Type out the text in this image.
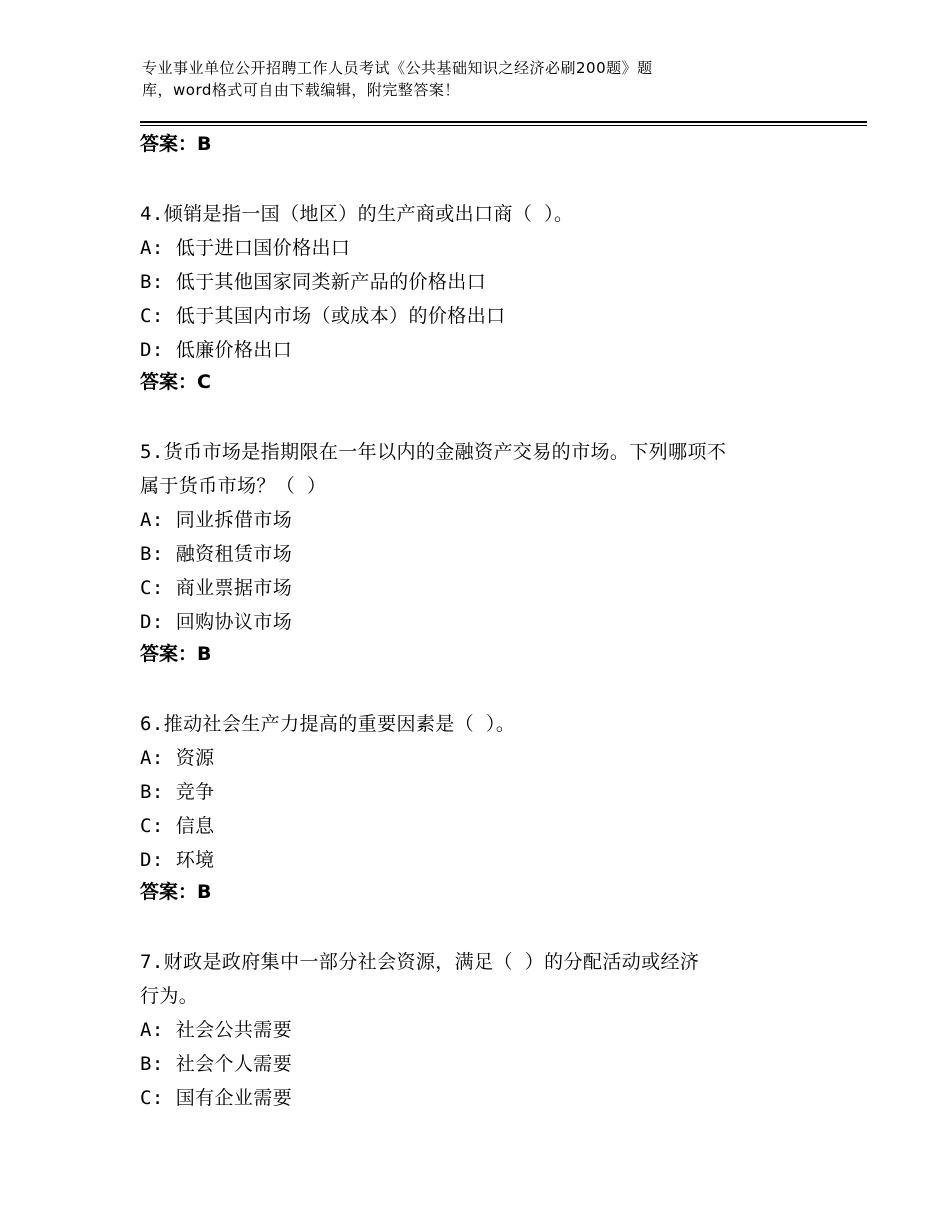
专业事业单位公开招聘工作人员考试《公共基础知识之经济必刷200题》题
库，word格式可自由下载编辑，附完整答案！
答案：B
4.倾销是指一国（地区）的生产商或出口商（ ）。
A: 低于进口国价格出口
B: 低于其他国家同类新产品的价格出口
C: 低于其国内市场（或成本）的价格出口
D: 低廉价格出口
答案：C
5.货币市场是指期限在一年以内的金融资产交易的市场。下列哪项不
属于货币市场？（ ）
A: 同业拆借市场
B: 融资租赁市场
C: 商业票据市场
D: 回购协议市场
答案：B
6.推动社会生产力提高的重要因素是（ ）。
A: 资源
B: 竞争
C: 信息
D: 环境
答案：B
7.财政是政府集中一部分社会资源，满足（ ）的分配活动或经济
行为。
A: 社会公共需要
B: 社会个人需要
C: 国有企业需要
